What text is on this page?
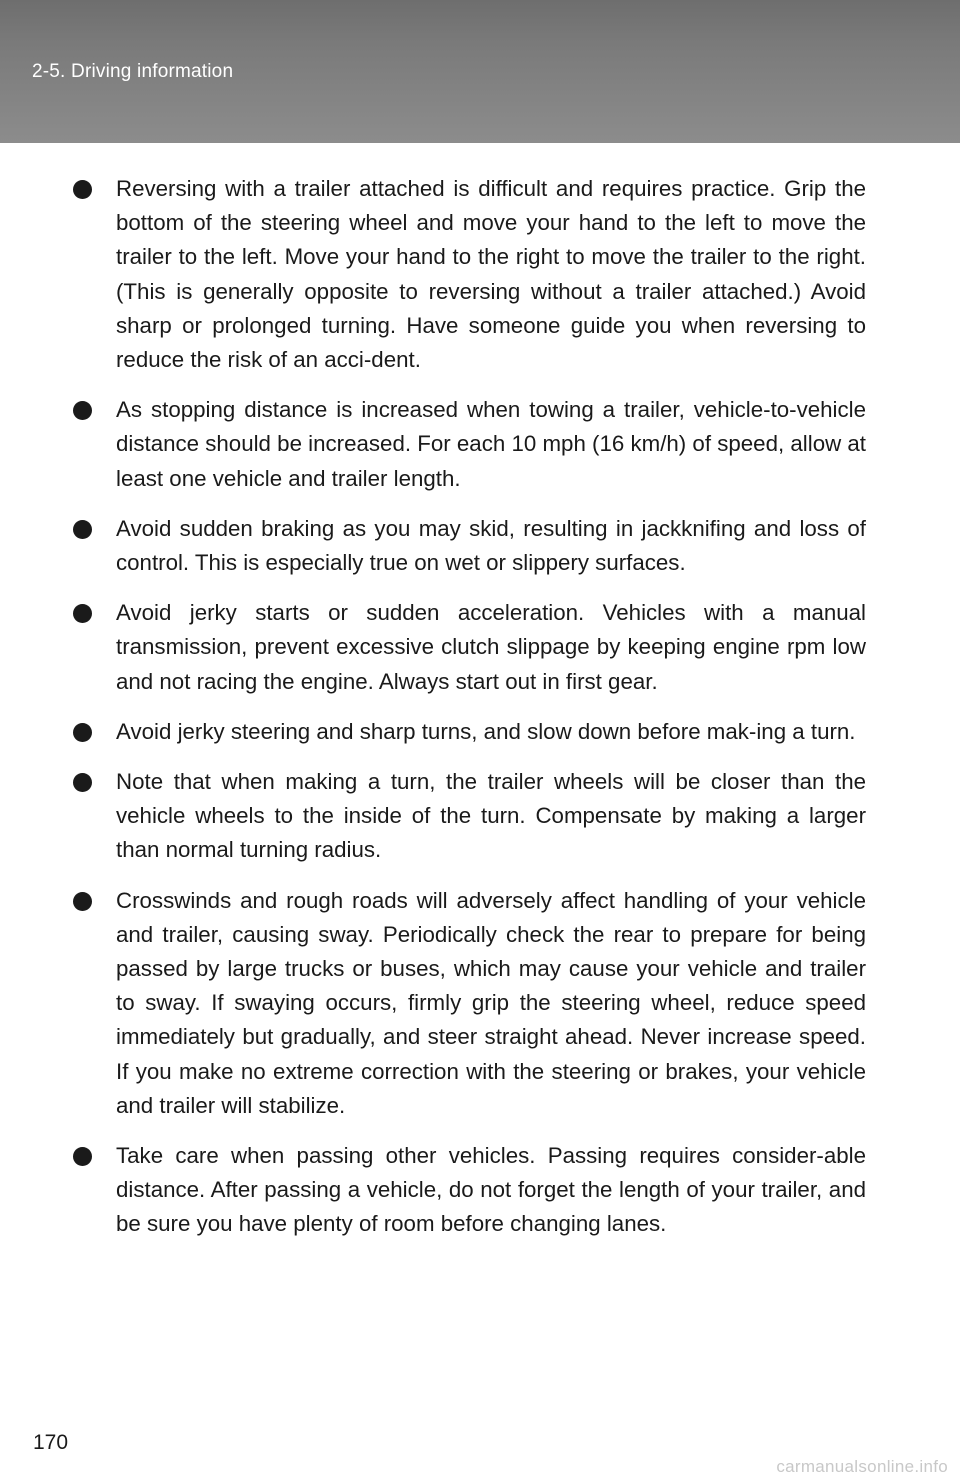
2-5. Driving information
Reversing with a trailer attached is difficult and requires practice. Grip the bottom of the steering wheel and move your hand to the left to move the trailer to the left. Move your hand to the right to move the trailer to the right. (This is generally opposite to reversing without a trailer attached.) Avoid sharp or prolonged turning. Have someone guide you when reversing to reduce the risk of an acci-dent.
As stopping distance is increased when towing a trailer, vehicle-to-vehicle distance should be increased. For each 10 mph (16 km/h) of speed, allow at least one vehicle and trailer length.
Avoid sudden braking as you may skid, resulting in jackknifing and loss of control. This is especially true on wet or slippery surfaces.
Avoid jerky starts or sudden acceleration. Vehicles with a manual transmission, prevent excessive clutch slippage by keeping engine rpm low and not racing the engine. Always start out in first gear.
Avoid jerky steering and sharp turns, and slow down before mak-ing a turn.
Note that when making a turn, the trailer wheels will be closer than the vehicle wheels to the inside of the turn. Compensate by making a larger than normal turning radius.
Crosswinds and rough roads will adversely affect handling of your vehicle and trailer, causing sway. Periodically check the rear to prepare for being passed by large trucks or buses, which may cause your vehicle and trailer to sway. If swaying occurs, firmly grip the steering wheel, reduce speed immediately but gradually, and steer straight ahead. Never increase speed. If you make no extreme correction with the steering or brakes, your vehicle and trailer will stabilize.
Take care when passing other vehicles. Passing requires consider-able distance. After passing a vehicle, do not forget the length of your trailer, and be sure you have plenty of room before changing lanes.
170
carmanualsonline.info
